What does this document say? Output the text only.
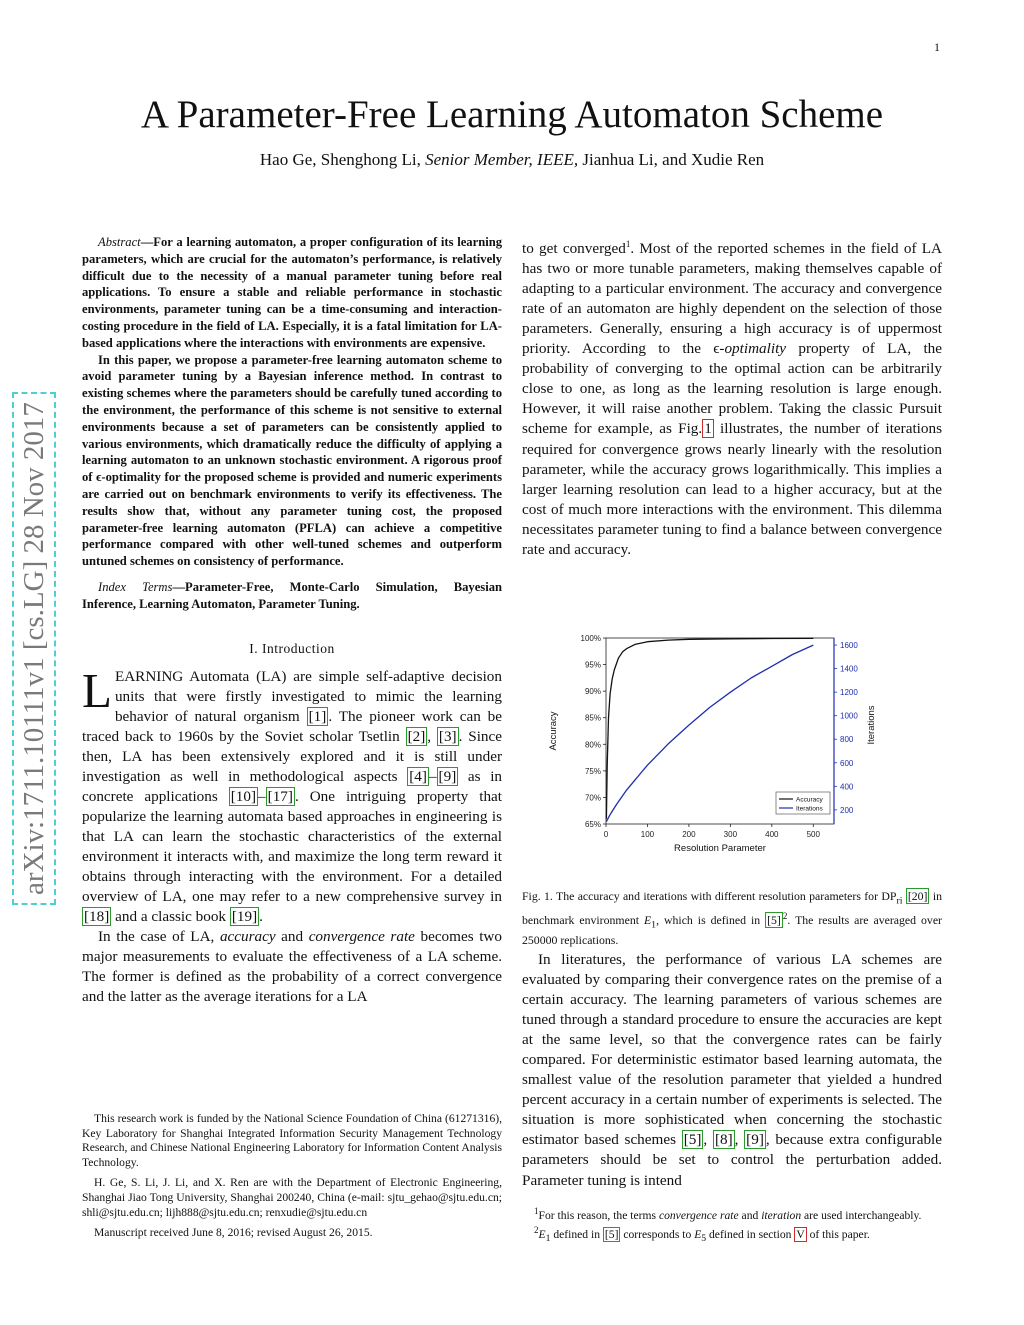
1
A Parameter-Free Learning Automaton Scheme
Hao Ge, Shenghong Li, Senior Member, IEEE, Jianhua Li, and Xudie Ren
arXiv:1711.10111v1 [cs.LG] 28 Nov 2017

Abstract—For a learning automaton, a proper configuration of its learning parameters, which are crucial for the automaton’s performance, is relatively difficult due to the necessity of a manual parameter tuning before real applications. To ensure a stable and reliable performance in stochastic environments, parameter tuning can be a time-consuming and interaction-costing procedure in the field of LA. Especially, it is a fatal limitation for LA-based applications where the interactions with environments are expensive.

In this paper, we propose a parameter-free learning automaton scheme to avoid parameter tuning by a Bayesian inference method. In contrast to existing schemes where the parameters should be carefully tuned according to the environment, the performance of this scheme is not sensitive to external environments because a set of parameters can be consistently applied to various environments, which dramatically reduce the difficulty of applying a learning automaton to an unknown stochastic environment. A rigorous proof of ϵ-optimality for the proposed scheme is provided and numeric experiments are carried out on benchmark environments to verify its effectiveness. The results show that, without any parameter tuning cost, the proposed parameter-free learning automaton (PFLA) can achieve a competitive performance compared with other well-tuned schemes and outperform untuned schemes on consistency of performance.

Index Terms—Parameter-Free, Monte-Carlo Simulation, Bayesian Inference, Learning Automaton, Parameter Tuning.
I. Introduction

LEARNING Automata (LA) are simple self-adaptive decision units that were firstly investigated to mimic the learning behavior of natural organism [1] . The pioneer work can be traced back to 1960s by the Soviet scholar Tsetlin [2] , [3] . Since then, LA has been extensively explored and it is still under investigation as well in methodological aspects [4] – [9] as in concrete applications [10] – [17] . One intriguing property that popularize the learning automata based approaches in engineering is that LA can learn the stochastic characteristics of the external environment it interacts with, and maximize the long term reward it obtains through interacting with the environment. For a detailed overview of LA, one may refer to a new comprehensive survey in [18] and a classic book [19] .

In the case of LA, accuracy and convergence rate becomes two major measurements to evaluate the effectiveness of a LA scheme. The former is defined as the probability of a correct convergence and the latter as the average iterations for a LA

This research work is funded by the National Science Foundation of China (61271316), Key Laboratory for Shanghai Integrated Information Security Management Technology Research, and Chinese National Engineering Laboratory for Information Content Analysis Technology.

H. Ge, S. Li, J. Li, and X. Ren are with the Department of Electronic Engineering, Shanghai Jiao Tong University, Shanghai 200240, China (e-mail: sjtu_gehao@sjtu.edu.cn; shli@sjtu.edu.cn; lijh888@sjtu.edu.cn; renxudie@sjtu.edu.cn

Manuscript received June 8, 2016; revised August 26, 2015.

to get converged$^1$. Most of the reported schemes in the field of LA has two or more tunable parameters, making themselves capable of adapting to a particular environment. The accuracy and convergence rate of an automaton are highly dependent on the selection of those parameters. Generally, ensuring a high accuracy is of uppermost priority. According to the ϵ-optimality property of LA, the probability of converging to the optimal action can be arbitrarily close to one, as long as the learning resolution is large enough. However, it will raise another problem. Taking the classic Pursuit scheme for example, as Fig. 1 illustrates, the number of iterations required for convergence grows nearly linearly with the resolution parameter, while the accuracy grows logarithmically. This implies a larger learning resolution can lead to a higher accuracy, but at the cost of much more interactions with the environment. This dilemma necessitates parameter tuning to find a balance between convergence rate and accuracy.

0	100	200	300	400	500
65%
70%
75%
80%
85%
90%
95%
100%
200
400
600
800
1000
1200
1400
1600
Resolution Parameter
Accuracy	Iterations
Accuracy
Iterations
Fig. 1. The accuracy and iterations with different resolution parameters for $DP_{ri}$ [20] in benchmark environment $E_1$, which is defined in [5] $^2$. The results are averaged over 250000 replications.

In literatures, the performance of various LA schemes are evaluated by comparing their convergence rates on the premise of a certain accuracy. The learning parameters of various schemes are tuned through a standard procedure to ensure the accuracies are kept at the same level, so that the convergence rates can be fairly compared. For deterministic estimator based learning automata, the smallest value of the resolution parameter that yielded a hundred percent accuracy in a certain number of experiments is selected. The situation is more sophisticated when concerning the stochastic estimator based schemes [5] , [8] , [9] , because extra configurable parameters should be set to control the perturbation added. Parameter tuning is intend

$^1$For this reason, the terms convergence rate and iteration are used interchangeably.

$^2E_1$ defined in [5] corresponds to $E_5$ defined in section V of this paper.
